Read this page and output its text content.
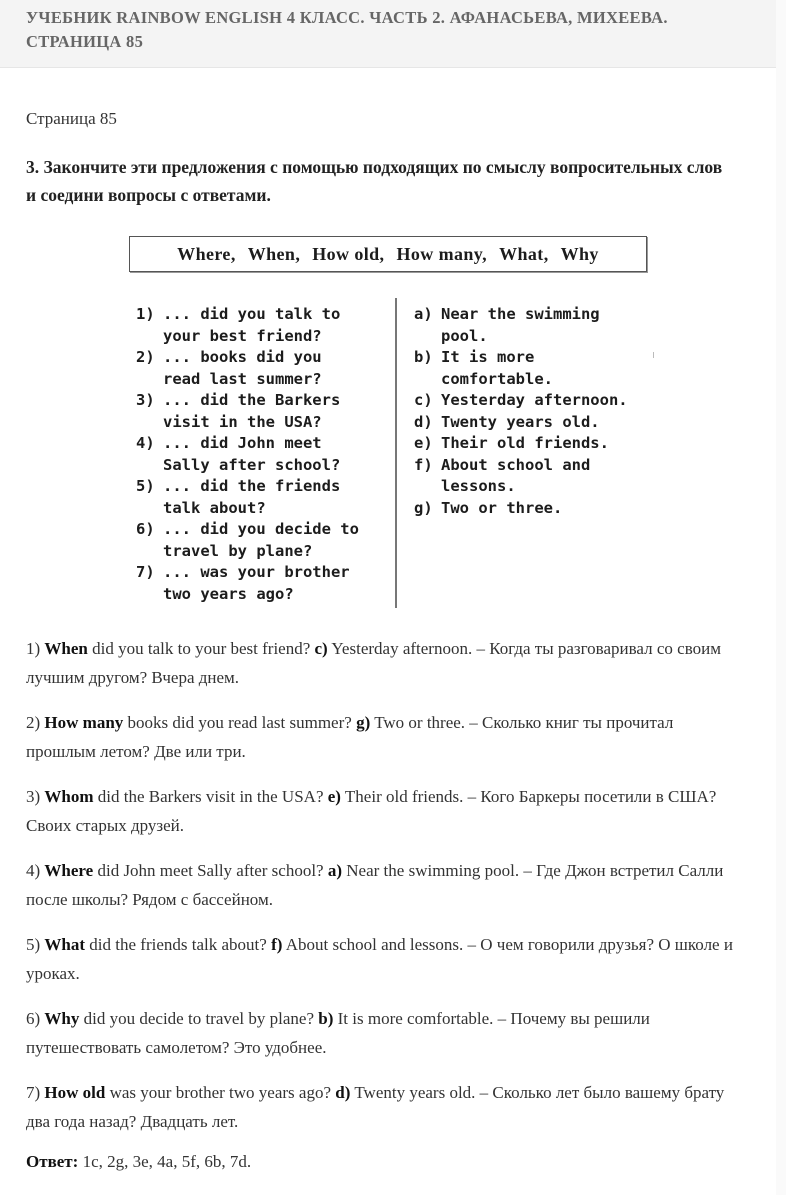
УЧЕБНИК RAINBOW ENGLISH 4 КЛАСС. ЧАСТЬ 2. АФАНАСЬЕВА, МИХЕЕВА. СТРАНИЦА 85
Страница 85
3. Закончите эти предложения с помощью подходящих по смыслу вопросительных слов и соедини вопросы с ответами.
Where, When, How old, How many, What, Why
1) ... did you talk to
your best friend?
2) ... books did you
read last summer?
3) ... did the Barkers
visit in the USA?
4) ... did John meet
Sally after school?
5) ... did the friends
talk about?
6) ... did you decide to
travel by plane?
7) ... was your brother
two years ago?
a) Near the swimming
pool.
b) It is more
comfortable.
c) Yesterday afternoon.
d) Twenty years old.
e) Their old friends.
f) About school and
lessons.
g) Two or three.

1) When did you talk to your best friend? c) Yesterday afternoon. – Когда ты разговаривал со своим лучшим другом? Вчера днем.

2) How many books did you read last summer? g) Two or three. – Сколько книг ты прочитал прошлым летом? Две или три.

3) Whom did the Barkers visit in the USA? e) Their old friends. – Кого Баркеры посетили в США? Своих старых друзей.

4) Where did John meet Sally after school? a) Near the swimming pool. – Где Джон встретил Салли после школы? Рядом с бассейном.

5) What did the friends talk about? f) About school and lessons. – О чем говорили друзья? О школе и уроках.

6) Why did you decide to travel by plane? b) It is more comfortable. – Почему вы решили путешествовать самолетом? Это удобнее.

7) How old was your brother two years ago? d) Twenty years old. – Сколько лет было вашему брату два года назад? Двадцать лет.

Ответ: 1c, 2g, 3e, 4a, 5f, 6b, 7d.
